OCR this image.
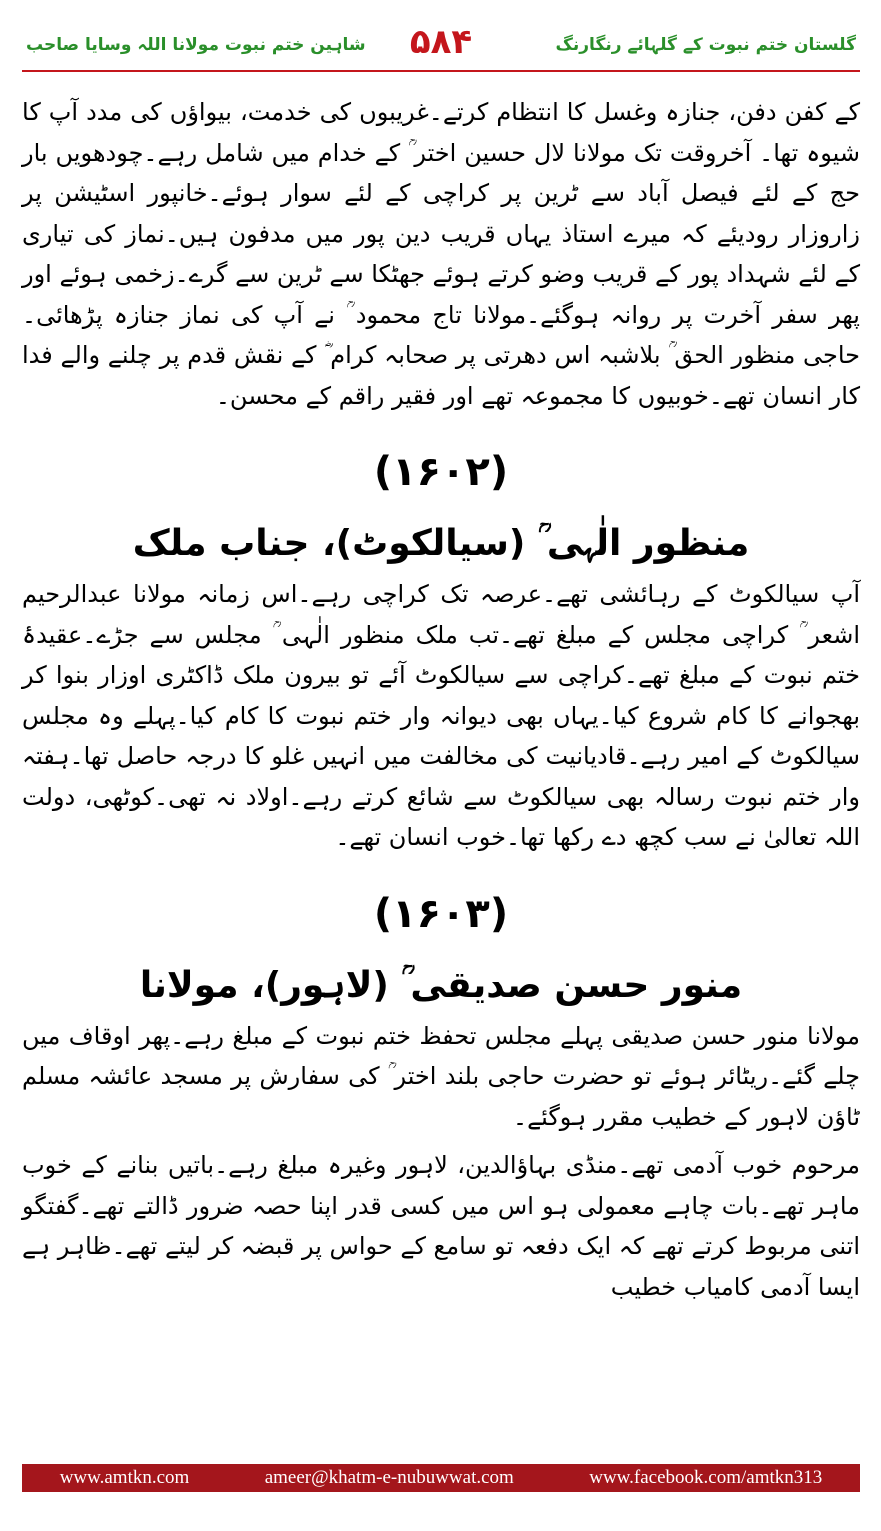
شاہین ختم نبوت مولانا اللہ وسایا صاحب	۵۸۴	گلستان ختم نبوت کے گلہائے رنگارنگ

کے کفن دفن، جنازہ وغسل کا انتظام کرتے۔غریبوں کی خدمت، بیواؤں کی مدد آپ کا شیوہ تھا۔ آخروقت تک مولانا لال حسین اختر ؒ کے خدام میں شامل رہے۔چودھویں بار حج کے لئے فیصل آباد سے ٹرین پر کراچی کے لئے سوار ہوئے۔خانپور اسٹیشن پر زاروزار رودیئے کہ میرے استاذ یہاں قریب دین پور میں مدفون ہیں۔نماز کی تیاری کے لئے شہداد پور کے قریب وضو کرتے ہوئے جھٹکا سے ٹرین سے گرے۔زخمی ہوئے اور پھر سفر آخرت پر روانہ ہوگئے۔مولانا تاج محمود ؒ نے آپ کی نماز جنازہ پڑھائی۔حاجی منظور الحق ؒ بلاشبہ اس دھرتی پر صحابہ کرام ؓ کے نقش قدم پر چلنے والے فدا کار انسان تھے۔خوبیوں کا مجموعہ تھے اور فقیر راقم کے محسن۔

(۱۶۰۲)
منظور الٰہی ؒ (سیالکوٹ)، جناب ملک

آپ سیالکوٹ کے رہائشی تھے۔عرصہ تک کراچی رہے۔اس زمانہ مولانا عبدالرحیم اشعر ؒ کراچی مجلس کے مبلغ تھے۔تب ملک منظور الٰہی ؒ مجلس سے جڑے۔عقیدۂ ختم نبوت کے مبلغ تھے۔کراچی سے سیالکوٹ آئے تو بیرون ملک ڈاکٹری اوزار بنوا کر بھجوانے کا کام شروع کیا۔یہاں بھی دیوانہ وار ختم نبوت کا کام کیا۔پہلے وہ مجلس سیالکوٹ کے امیر رہے۔قادیانیت کی مخالفت میں انہیں غلو کا درجہ حاصل تھا۔ہفتہ وار ختم نبوت رسالہ بھی سیالکوٹ سے شائع کرتے رہے۔اولاد نہ تھی۔کوٹھی، دولت اللہ تعالیٰ نے سب کچھ دے رکھا تھا۔خوب انسان تھے۔

(۱۶۰۳)
منور حسن صدیقی ؒ (لاہور)، مولانا

مولانا منور حسن صدیقی پہلے مجلس تحفظ ختم نبوت کے مبلغ رہے۔پھر اوقاف میں چلے گئے۔ریٹائر ہوئے تو حضرت حاجی بلند اختر ؒ کی سفارش پر مسجد عائشہ مسلم ٹاؤن لاہور کے خطیب مقرر ہوگئے۔

مرحوم خوب آدمی تھے۔منڈی بہاؤالدین، لاہور وغیرہ مبلغ رہے۔باتیں بنانے کے خوب ماہر تھے۔بات چاہے معمولی ہو اس میں کسی قدر اپنا حصہ ضرور ڈالتے تھے۔گفتگو اتنی مربوط کرتے تھے کہ ایک دفعہ تو سامع کے حواس پر قبضہ کر لیتے تھے۔ظاہر ہے ایسا آدمی کامیاب خطیب

www.amtkn.com	ameer@khatm-e-nubuwwat.com	www.facebook.com/amtkn313
